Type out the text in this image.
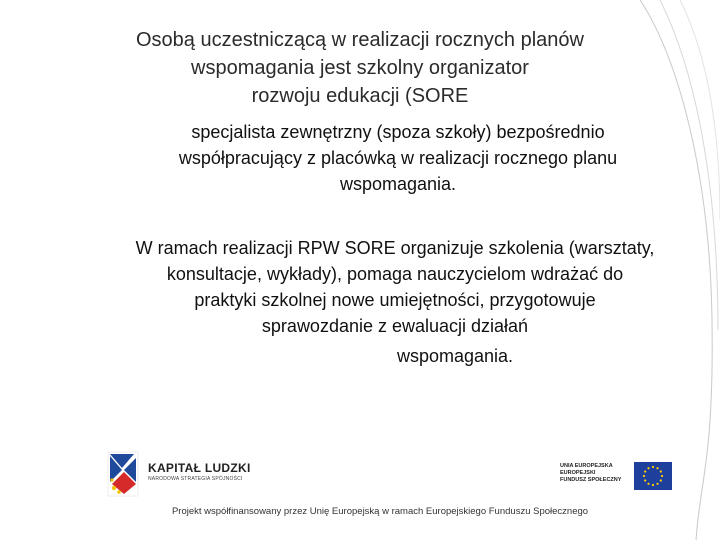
Osobą uczestniczącą w realizacji rocznych planów
wspomagania jest szkolny organizator
rozwoju edukacji (SORE

specjalista zewnętrzny (spoza szkoły) bezpośrednio
współpracujący z placówką w realizacji rocznego planu
wspomagania.

W ramach realizacji RPW SORE organizuje szkolenia (warsztaty,
konsultacje, wykłady), pomaga nauczycielom wdrażać do
praktyki szkolnej nowe umiejętności, przygotowuje
sprawozdanie z ewaluacji działań

wspomagania.

KAPITAŁ LUDZKI
NARODOWA STRATEGIA SPÓJNOŚCI
UNIA EUROPEJSKA
EUROPEJSKI
FUNDUSZ SPOŁECZNY
Projekt współfinansowany przez Unię Europejską w ramach Europejskiego Funduszu Społecznego
